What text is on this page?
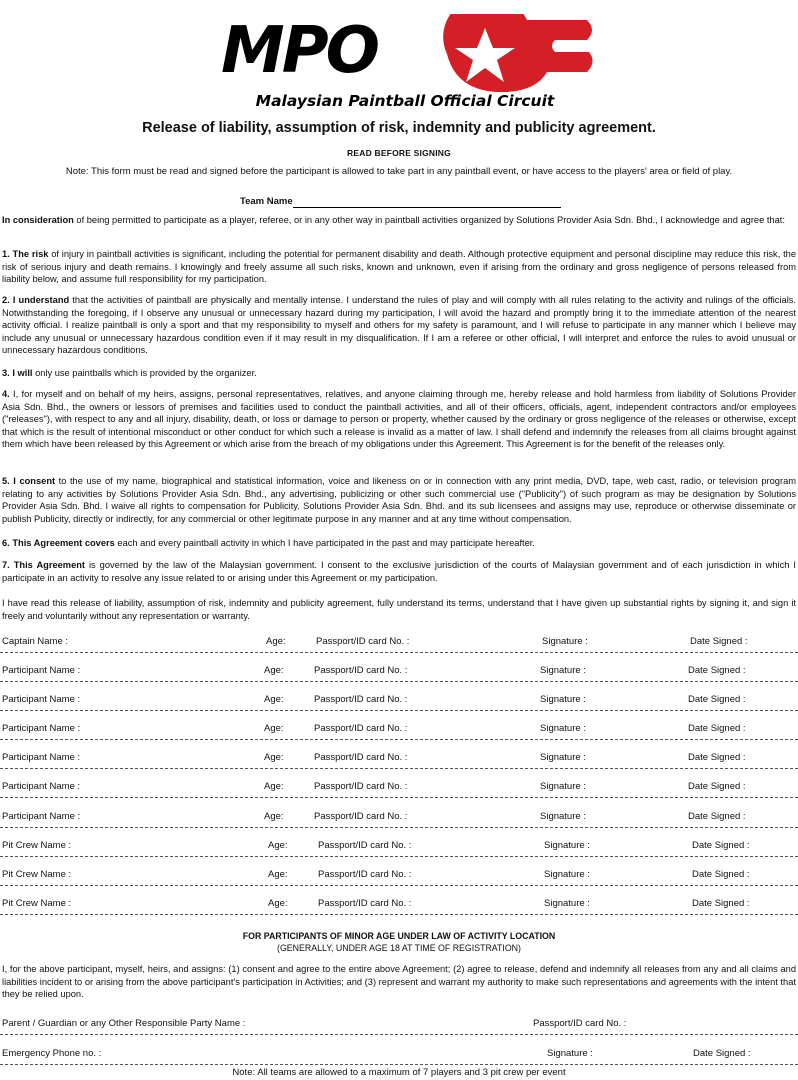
MPO
Malaysian Paintball Official Circuit
Release of liability, assumption of risk, indemnity and publicity agreement.
READ BEFORE SIGNING
Note: This form must be read and signed before the participant is allowed to take part in any paintball event, or have access to the players' area or field of play.
Team Name
In consideration of being permitted to participate as a player, referee, or in any other way in paintball activities organized by Solutions Provider Asia Sdn. Bhd., I acknowledge and agree that:
1. The risk of injury in paintball activities is significant, including the potential for permanent disability and death. Although protective equipment and personal discipline may reduce this risk, the risk of serious injury and death remains. I knowingly and freely assume all such risks, known and unknown, even if arising from the ordinary and gross negligence of persons released from liability below, and assume full responsibility for my participation.
2. I understand that the activities of paintball are physically and mentally intense. I understand the rules of play and will comply with all rules relating to the activity and rulings of the officials. Notwithstanding the foregoing, if I observe any unusual or unnecessary hazard during my participation, I will avoid the hazard and promptly bring it to the immediate attention of the nearest activity official. I realize paintball is only a sport and that my responsibility to myself and others for my safety is paramount, and I will refuse to participate in any manner which I believe may include any unusual or unnecessary hazardous condition even if it may result in my disqualification. If I am a referee or other official, I will interpret and enforce the rules to avoid unusual or unnecessary hazardous conditions.
3. I will only use paintballs which is provided by the organizer.
4. I, for myself and on behalf of my heirs, assigns, personal representatives, relatives, and anyone claiming through me, hereby release and hold harmless from liability of Solutions Provider Asia Sdn. Bhd., the owners or lessors of premises and facilities used to conduct the paintball activities, and all of their officers, officials, agent, independent contractors and/or employees ("releases"), with respect to any and all injury, disability, death, or loss or damage to person or property, whether caused by the ordinary or gross negligence of the releases or otherwise, except that which is the result of intentional misconduct or other conduct for which such a release is invalid as a matter of law. I shall defend and indemnify the releases from all claims brought against them which have been released by this Agreement or which arise from the breach of my obligations under this Agreement. This Agreement is for the benefit of the releases only.
5. I consent to the use of my name, biographical and statistical information, voice and likeness on or in connection with any print media, DVD, tape, web cast, radio, or television program relating to any activities by Solutions Provider Asia Sdn. Bhd., any advertising, publicizing or other such commercial use ("Publicity") of such program as may be designation by Solutions Provider Asia Sdn. Bhd. I waive all rights to compensation for Publicity. Solutions Provider Asia Sdn. Bhd. and its sub licensees and assigns may use, reproduce or otherwise disseminate or publish Publicity, directly or indirectly, for any commercial or other legitimate purpose in any manner and at any time without compensation.
6. This Agreement covers each and every paintball activity in which I have participated in the past and may participate hereafter.
7. This Agreement is governed by the law of the Malaysian government. I consent to the exclusive jurisdiction of the courts of Malaysian government and of each jurisdiction in which I participate in an activity to resolve any issue related to or arising under this Agreement or my participation.
I have read this release of liability, assumption of risk, indemnity and publicity agreement, fully understand its terms, understand that I have given up substantial rights by signing it, and sign it freely and voluntarily without any representation or warranty.
Captain Name :	Age:	Passport/ID card No. :	Signature :	Date Signed :
Participant Name :	Age:	Passport/ID card No. :	Signature :	Date Signed :
Participant Name :	Age:	Passport/ID card No. :	Signature :	Date Signed :
Participant Name :	Age:	Passport/ID card No. :	Signature :	Date Signed :
Participant Name :	Age:	Passport/ID card No. :	Signature :	Date Signed :
Participant Name :	Age:	Passport/ID card No. :	Signature :	Date Signed :
Participant Name :	Age:	Passport/ID card No. :	Signature :	Date Signed :
Pit Crew Name :	Age:	Passport/ID card No. :	Signature :	Date Signed :
Pit Crew Name :	Age:	Passport/ID card No. :	Signature :	Date Signed :
Pit Crew Name :	Age:	Passport/ID card No. :	Signature :	Date Signed :
FOR PARTICIPANTS OF MINOR AGE UNDER LAW OF ACTIVITY LOCATION
(GENERALLY, UNDER AGE 18 AT TIME OF REGISTRATION)
I, for the above participant, myself, heirs, and assigns: (1) consent and agree to the entire above Agreement; (2) agree to release, defend and indemnify all releases from any and all claims and liabilities incident to or arising from the above participant's participation in Activities; and (3) represent and warrant my authority to make such representations and agreements with the intent that they be relied upon.
Parent / Guardian or any Other Responsible Party Name :	Passport/ID card No. :
Emergency Phone no. :	Signature :	Date Signed :
Note: All teams are allowed to a maximum of 7 players and 3 pit crew per event
